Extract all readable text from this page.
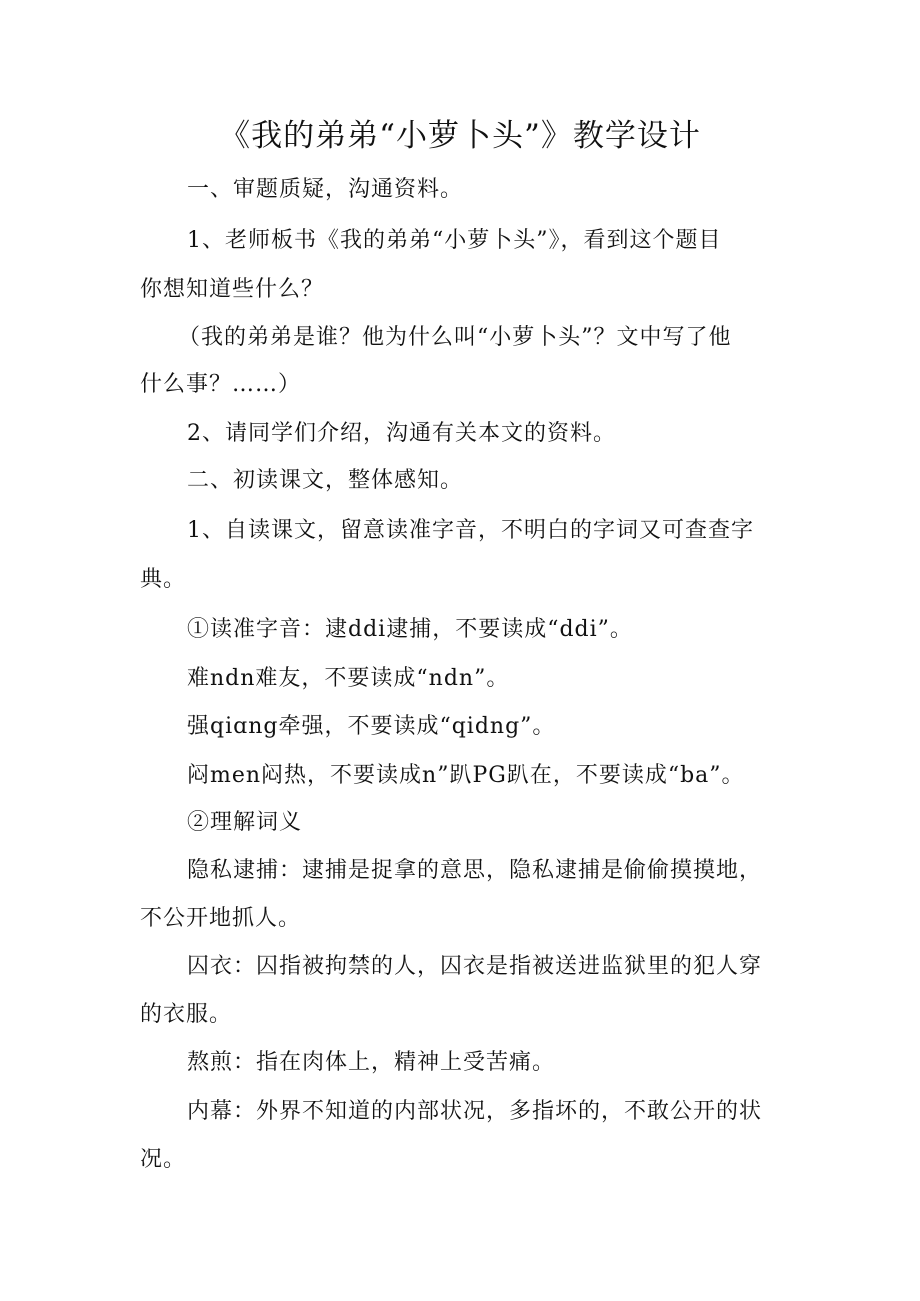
《我的弟弟“小萝卜头”》教学设计
一、审题质疑，沟通资料。
1、老师板书《我的弟弟“小萝卜头”》，看到这个题目
你想知道些什么？
（我的弟弟是谁？他为什么叫“小萝卜头”？文中写了他
什么事？……）
2、请同学们介绍，沟通有关本文的资料。
二、初读课文，整体感知。
1、自读课文，留意读准字音，不明白的字词又可查查字
典。
①读准字音：逮ddi逮捕，不要读成“ddi”。
难ndn难友，不要读成“ndn”。
强qiɑng牵强，不要读成“qidng”。
闷men闷热，不要读成n”趴PG趴在，不要读成“ba”。
②理解词义
隐私逮捕：逮捕是捉拿的意思，隐私逮捕是偷偷摸摸地，
不公开地抓人。
囚衣：囚指被拘禁的人，囚衣是指被送进监狱里的犯人穿
的衣服。
熬煎：指在肉体上，精神上受苦痛。
内幕：外界不知道的内部状况，多指坏的，不敢公开的状
况。
